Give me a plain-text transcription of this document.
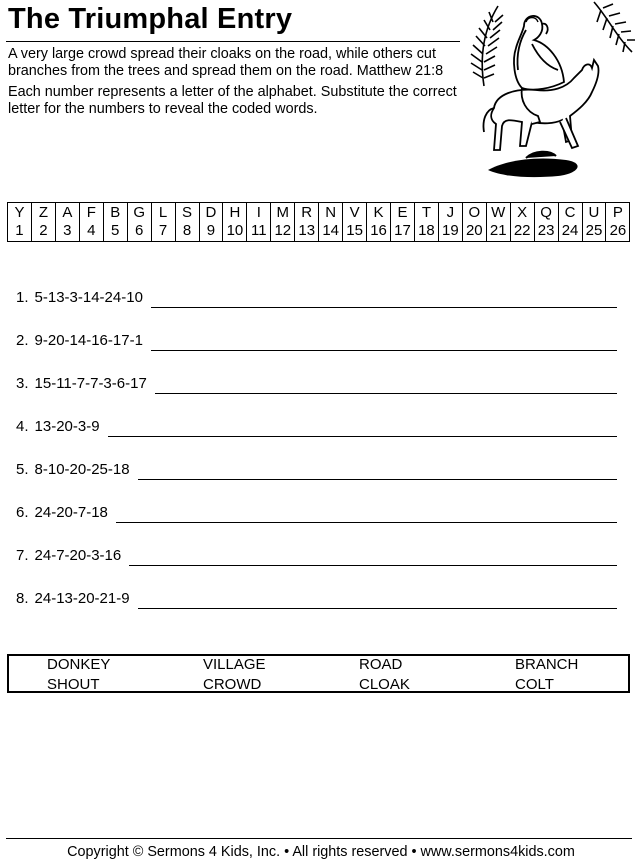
The Triumphal Entry

A very large crowd spread their cloaks on the road, while others cut branches from the trees and spread them on the road. Matthew 21:8

Each number represents a letter of the alphabet. Substitute the correct letter for the numbers to reveal the coded words.

Y	Z	A	F	B	G	L	S	D	H	I	M	R	N	V	K	E	T	J	O	W	X	Q	C	U	P
1	2	3	4	5	6	7	8	9	10	11	12	13	14	15	16	17	18	19	20	21	22	23	24	25	26
1. 5-13-3-14-24-10
2. 9-20-14-16-17-1
3. 15-11-7-7-3-6-17
4. 13-20-3-9
5. 8-10-20-25-18
6. 24-20-7-18
7. 24-7-20-3-16
8. 24-13-20-21-9
DONKEY	VILLAGE	ROAD	BRANCH
SHOUT	CROWD	CLOAK	COLT
Copyright © Sermons 4 Kids, Inc. • All rights reserved • www.sermons4kids.com
